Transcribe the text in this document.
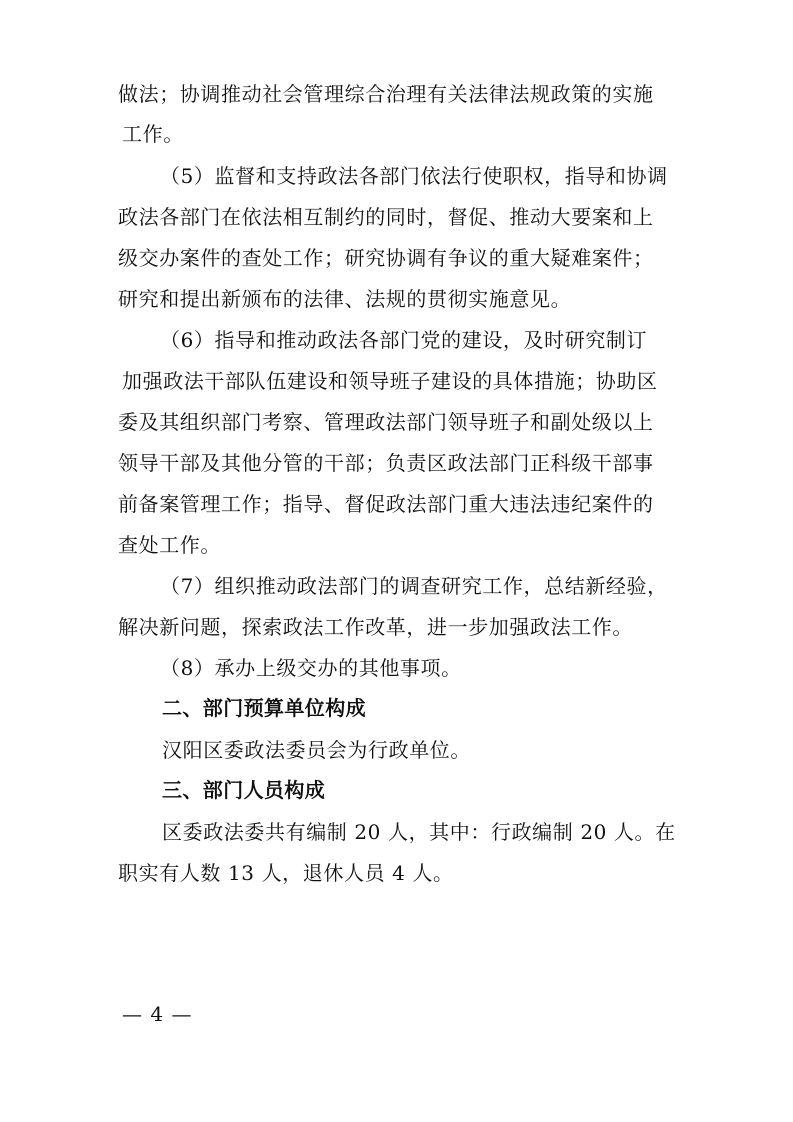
做法；协调推动社会管理综合治理有关法律法规政策的实施
工作。
（5）监督和支持政法各部门依法行使职权，指导和协调
政法各部门在依法相互制约的同时，督促、推动大要案和上
级交办案件的查处工作；研究协调有争议的重大疑难案件；
研究和提出新颁布的法律、法规的贯彻实施意见。
（6）指导和推动政法各部门党的建设，及时研究制订
加强政法干部队伍建设和领导班子建设的具体措施；协助区
委及其组织部门考察、管理政法部门领导班子和副处级以上
领导干部及其他分管的干部；负责区政法部门正科级干部事
前备案管理工作；指导、督促政法部门重大违法违纪案件的
查处工作。
（7）组织推动政法部门的调查研究工作，总结新经验，
解决新问题，探索政法工作改革，进一步加强政法工作。
（8）承办上级交办的其他事项。
二、部门预算单位构成
汉阳区委政法委员会为行政单位。
三、部门人员构成
区委政法委共有编制 20 人，其中：行政编制 20 人。在
职实有人数 13 人，退休人员 4 人。
— 4 —
